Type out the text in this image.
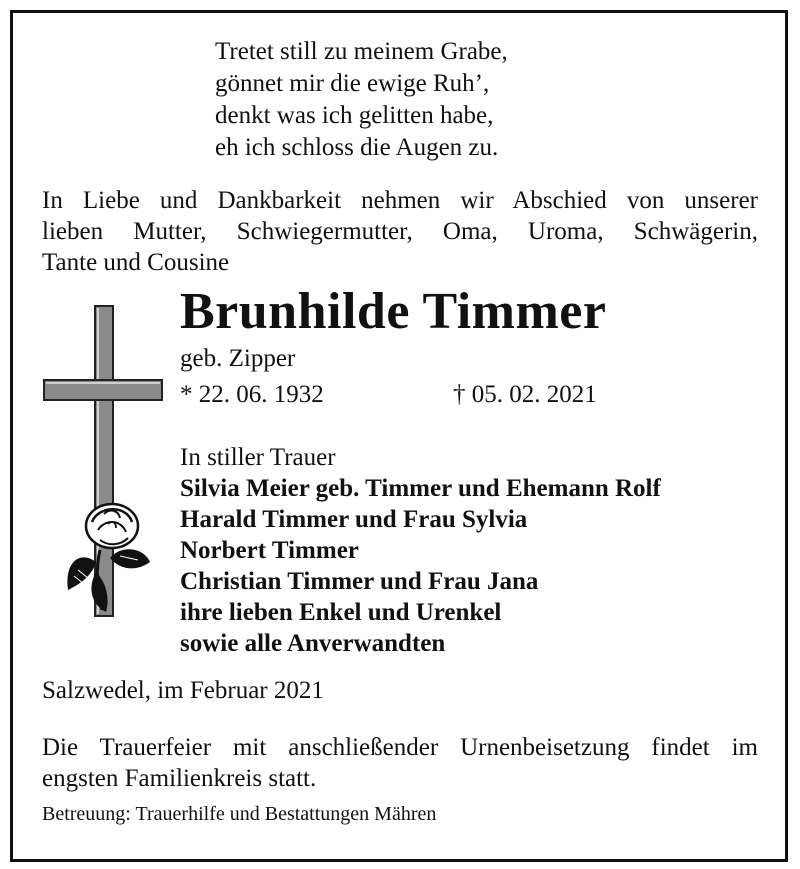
Tretet still zu meinem Grabe,
gönnet mir die ewige Ruh’,
denkt was ich gelitten habe,
eh ich schloss die Augen zu.
In Liebe und Dankbarkeit nehmen wir Abschied von unserer
lieben Mutter, Schwiegermutter, Oma, Uroma, Schwägerin,
Tante und Cousine
Brunhilde Timmer
geb. Zipper
* 22. 06. 1932	† 05. 02. 2021
In stiller Trauer
Silvia Meier geb. Timmer und Ehemann Rolf
Harald Timmer und Frau Sylvia
Norbert Timmer
Christian Timmer und Frau Jana
ihre lieben Enkel und Urenkel
sowie alle Anverwandten
Salzwedel, im Februar 2021
Die Trauerfeier mit anschließender Urnenbeisetzung findet im
engsten Familienkreis statt.
Betreuung: Trauerhilfe und Bestattungen Mähren
